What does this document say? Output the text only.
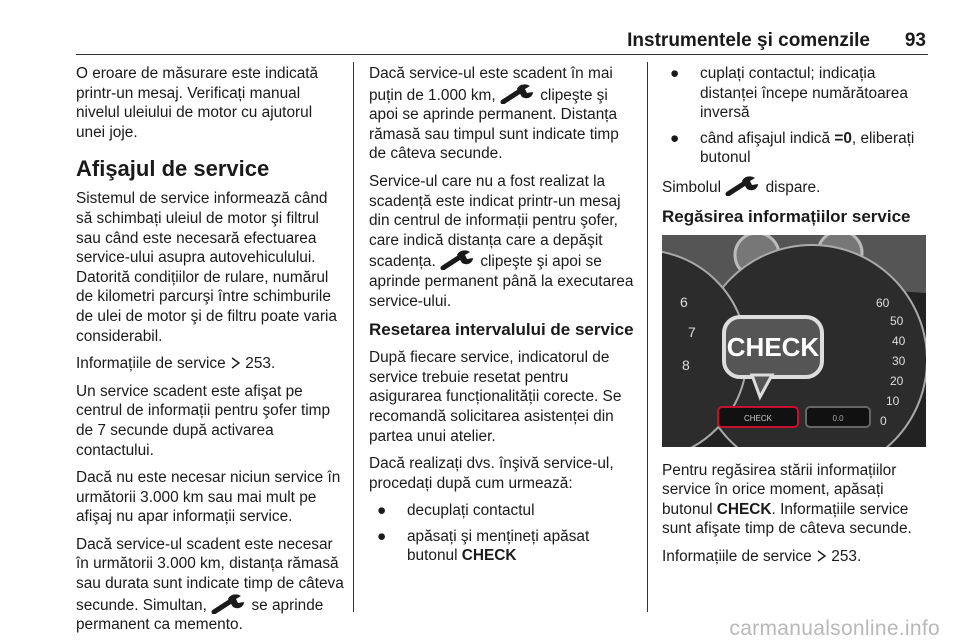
Instrumentele şi comenzile	93

O eroare de măsurare este indicată printr-un mesaj. Verificați manual nivelul uleiului de motor cu ajutorul unei joje.

Afişajul de service

Sistemul de service informează când să schimbați uleiul de motor şi filtrul sau când este necesară efectuarea service-ului asupra autovehiculului. Datorită condițiilor de rulare, numărul de kilometri parcurşi între schimburile de ulei de motor şi de filtru poate varia considerabil.

Informațiile de service 253.

Un service scadent este afişat pe centrul de informații pentru şofer timp de 7 secunde după activarea contactului.

Dacă nu este necesar niciun service în următorii 3.000 km sau mai mult pe afişaj nu apar informații service.

Dacă service-ul scadent este necesar în următorii 3.000 km, distanța rămasă sau durata sunt indicate timp de câteva secunde. Simultan,	se aprinde permanent ca memento.

Dacă service-ul este scadent în mai puțin de 1.000 km,	clipeşte şi apoi se aprinde permanent. Distanța rămasă sau timpul sunt indicate timp de câteva secunde.

Service-ul care nu a fost realizat la scadență este indicat printr-un mesaj din centrul de informații pentru şofer, care indică distanța care a depăşit scadența.	clipeşte şi apoi se aprinde permanent până la executarea service-ului.

Resetarea intervalului de service

După fiecare service, indicatorul de service trebuie resetat pentru asigurarea funcționalității corecte. Se recomandă solicitarea asistenței din partea unui atelier.

Dacă realizați dvs. înşivă service-ul, procedați după cum urmează:

● decuplați contactul
● apăsați şi mențineți apăsat butonul CHECK
● cuplați contactul; indicația distanței începe numărătoarea inversă
● când afişajul indică =0, eliberați butonul

Simbolul	dispare.

Regăsirea informațiilor service
6
7
8
60
50
40
30
20
10
0
CHECK
CHECK	0.0

Pentru regăsirea stării informațiilor service în orice moment, apăsați butonul CHECK. Informațiile service sunt afişate timp de câteva secunde.

Informațiile de service 253.

carmanualsonline.info
